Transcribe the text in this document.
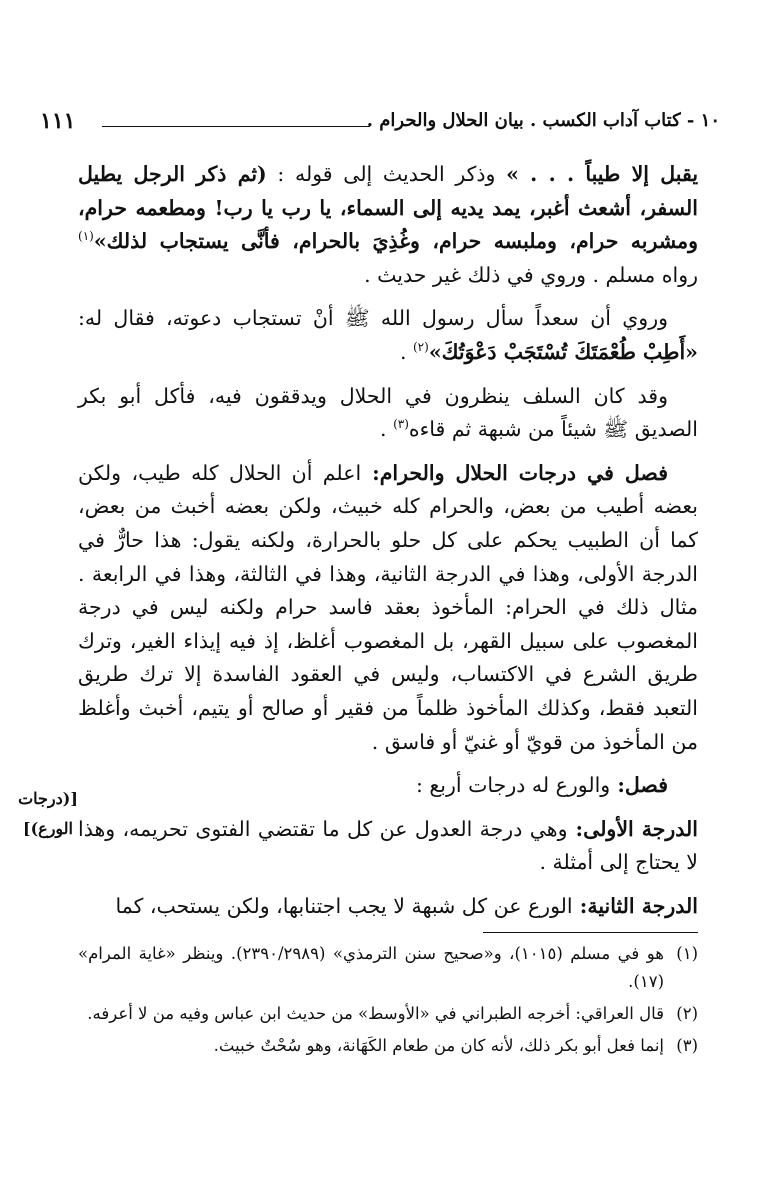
١٠ - كتاب آداب الكسب . بيان الحلال والحرام .
١١١

يقبل إلا طيباً . . . » وذكر الحديث إلى قوله : (ثم ذكر الرجل يطيل السفر، أشعث أغبر، يمد يديه إلى السماء، يا رب يا رب! ومطعمه حرام، ومشربه حرام، وملبسه حرام، وغُذِيَ بالحرام، فأنَّى يستجاب لذلك»$^{(١)}$ رواه مسلم . وروي في ذلك غير حديث .

وروي أن سعداً سأل رسول الله ﷺ أنْ تستجاب دعوته، فقال له: «أَطِبْ طُعْمَتَكَ تُسْتَجَبْ دَعْوَتُكَ»$^{(٢)}$ .

وقد كان السلف ينظرون في الحلال ويدققون فيه، فأكل أبو بكر الصديق ﷺ شيئاً من شبهة ثم قاءه$^{(٣)}$ .

فصل في درجات الحلال والحرام: اعلم أن الحلال كله طيب، ولكن بعضه أطيب من بعض، والحرام كله خبيث، ولكن بعضه أخبث من بعض، كما أن الطبيب يحكم على كل حلو بالحرارة، ولكنه يقول: هذا حارٌّ في الدرجة الأولى، وهذا في الدرجة الثانية، وهذا في الثالثة، وهذا في الرابعة . مثال ذلك في الحرام: المأخوذ بعقد فاسد حرام ولكنه ليس في درجة المغصوب على سبيل القهر، بل المغصوب أغلظ، إذ فيه إيذاء الغير، وترك طريق الشرع في الاكتساب، وليس في العقود الفاسدة إلا ترك طريق التعبد فقط، وكذلك المأخوذ ظلماً من فقير أو صالح أو يتيم، أخبث وأغلظ من المأخوذ من قويّ أو غنيّ أو فاسق .

فصل: والورع له درجات أربع :

الدرجة الأولى: وهي درجة العدول عن كل ما تقتضي الفتوى تحريمه، وهذا لا يحتاج إلى أمثلة .

الدرجة الثانية: الورع عن كل شبهة لا يجب اجتنابها، ولكن يستحب، كما

[(درجات
الورع)]
(١)
هو في مسلم (١٠١٥)، و«صحيح سنن الترمذي» (٢٣٩٠/٢٩٨٩). وينظر «غاية المرام» (١٧).
(٢)
قال العراقي: أخرجه الطبراني في «الأوسط» من حديث ابن عباس وفيه من لا أعرفه.
(٣)
إنما فعل أبو بكر ذلك، لأنه كان من طعام الكَهَانة، وهو سُحْتٌ خبيث.
